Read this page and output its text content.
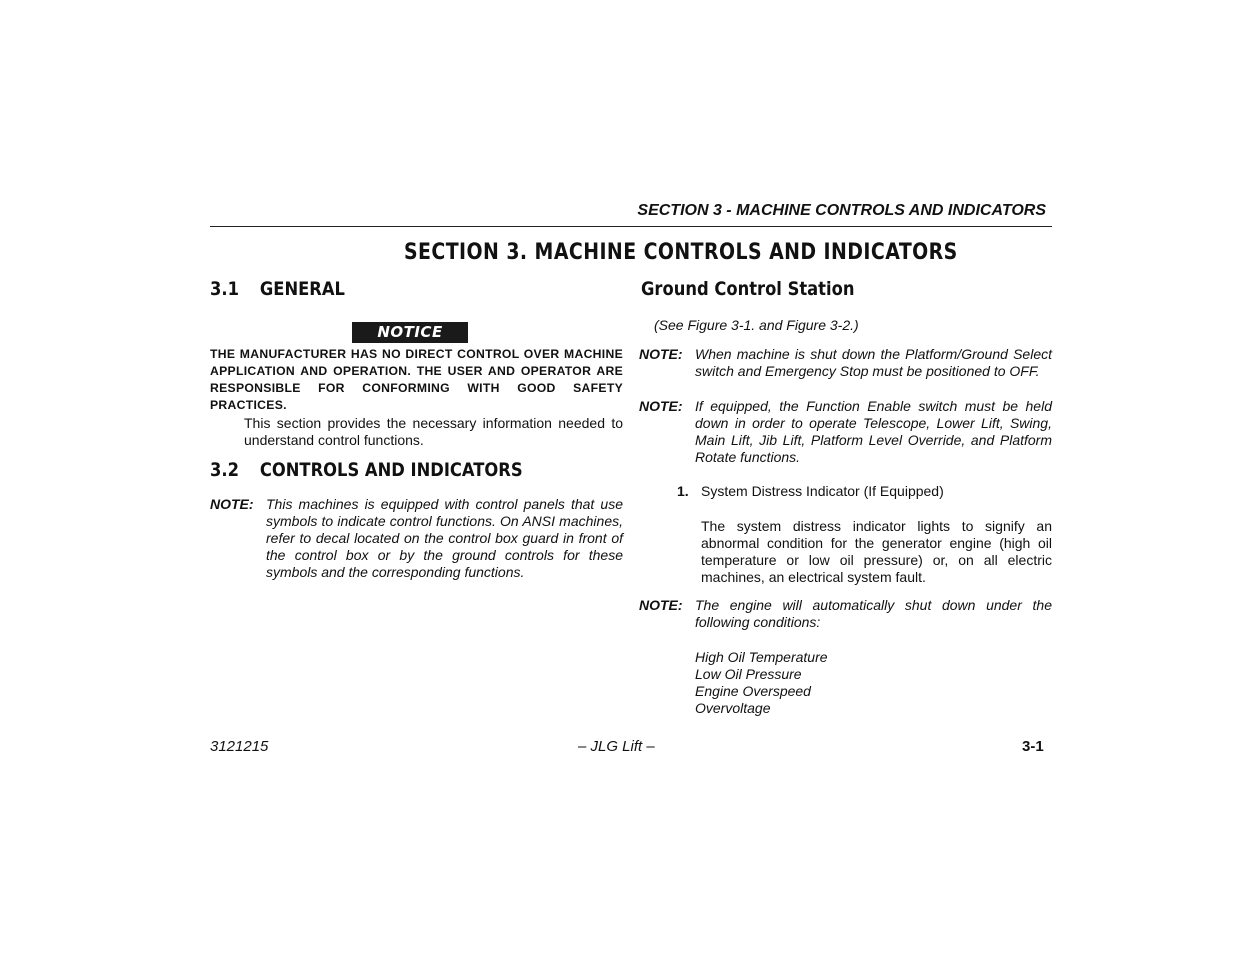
SECTION 3 - MACHINE CONTROLS AND INDICATORS
SECTION 3. MACHINE CONTROLS AND INDICATORS
3.1 GENERAL
NOTICE
THE MANUFACTURER HAS NO DIRECT CONTROL OVER MACHINE APPLICATION AND OPERATION. THE USER AND OPERATOR ARE RESPONSIBLE FOR CONFORMING WITH GOOD SAFETY PRACTICES.
This section provides the necessary information needed to understand control functions.
3.2 CONTROLS AND INDICATORS
NOTE: This machines is equipped with control panels that use symbols to indicate control functions. On ANSI machines, refer to decal located on the control box guard in front of the control box or by the ground controls for these symbols and the corresponding functions.
Ground Control Station
(See Figure 3-1. and Figure 3-2.)
NOTE: When machine is shut down the Platform/Ground Select switch and Emergency Stop must be positioned to OFF.
NOTE: If equipped, the Function Enable switch must be held down in order to operate Telescope, Lower Lift, Swing, Main Lift, Jib Lift, Platform Level Override, and Platform Rotate functions.
1. System Distress Indicator (If Equipped)
The system distress indicator lights to signify an abnormal condition for the generator engine (high oil temperature or low oil pressure) or, on all electric machines, an electrical system fault.
NOTE: The engine will automatically shut down under the following conditions:
High Oil Temperature
Low Oil Pressure
Engine Overspeed
Overvoltage
3121215	– JLG Lift –	3-1
